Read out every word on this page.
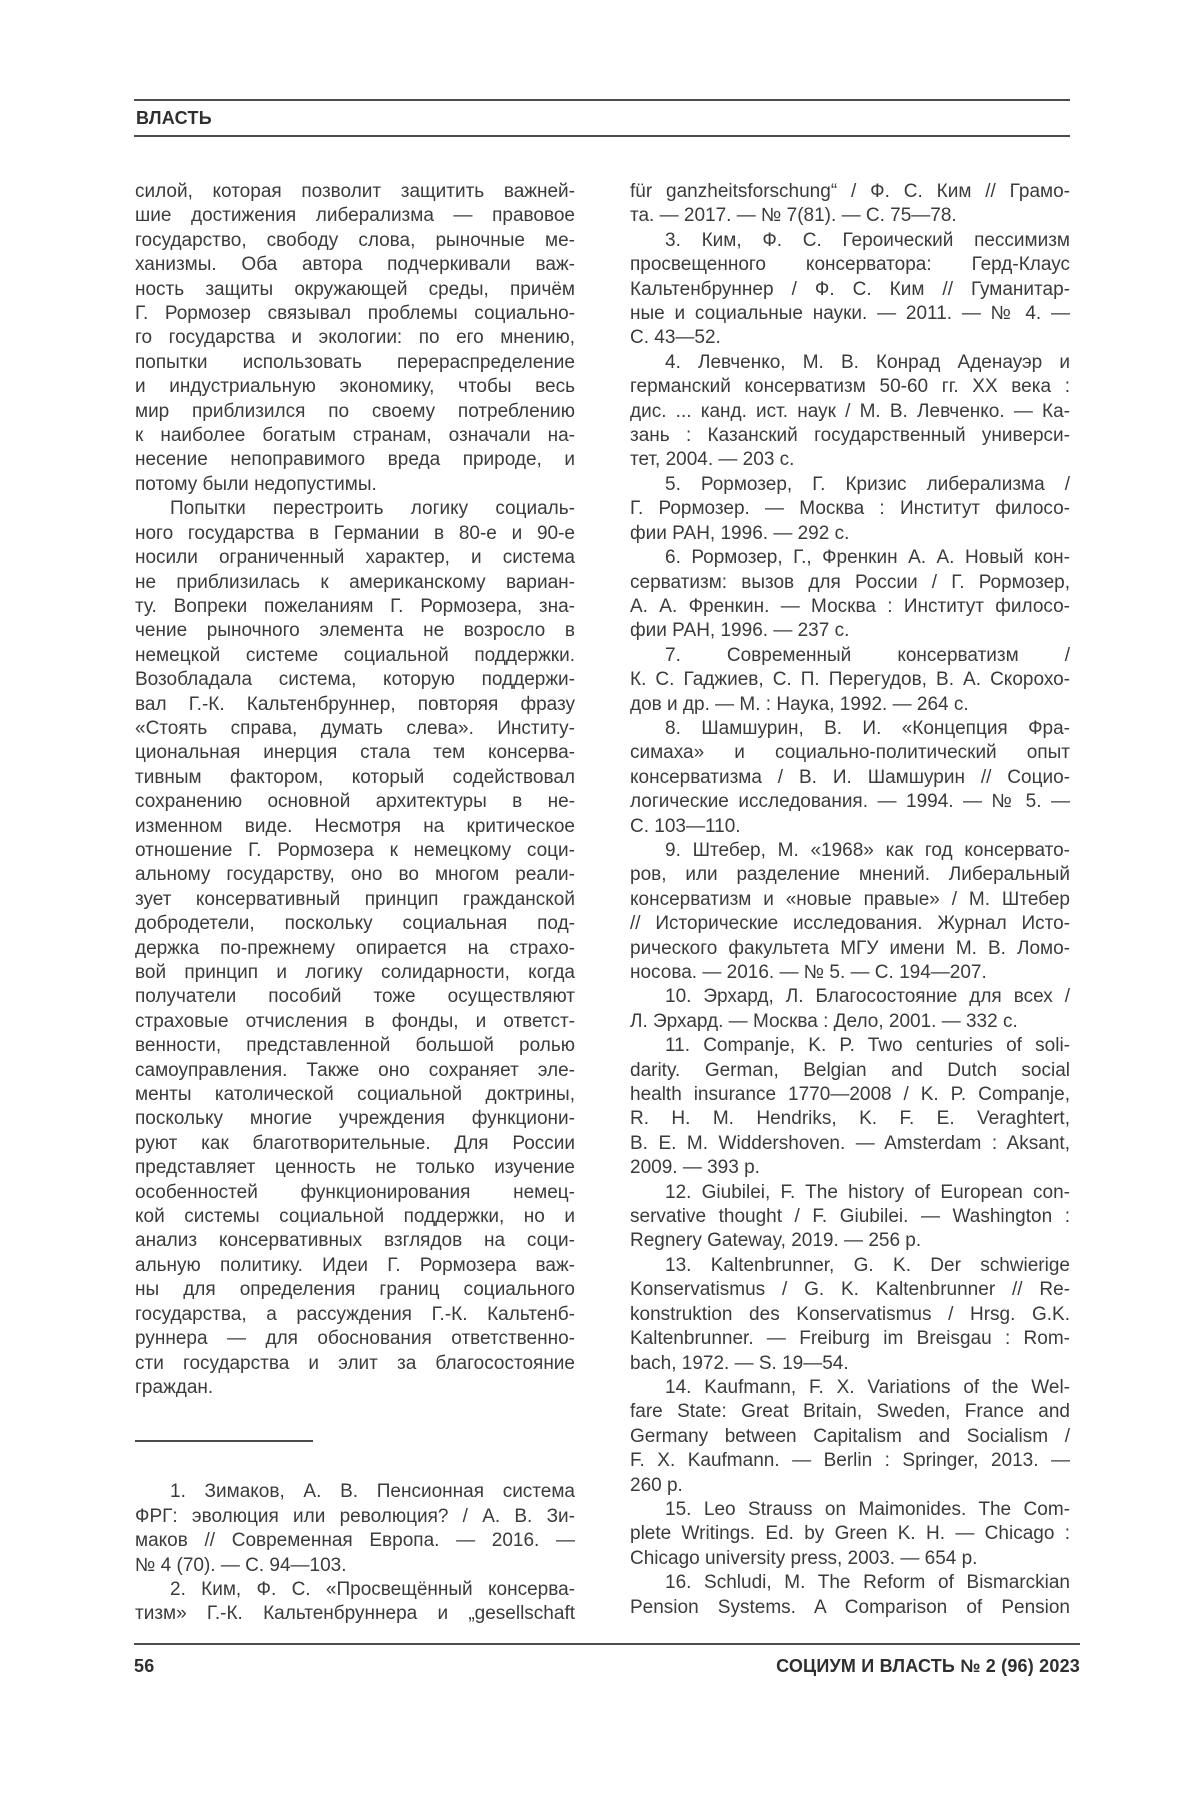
ВЛАСТЬ
силой, которая позволит защитить важней-
шие достижения либерализма — правовое
государство, свободу слова, рыночные ме-
ханизмы. Оба автора подчеркивали важ-
ность защиты окружающей среды, причём
Г. Рормозер связывал проблемы социально-
го государства и экологии: по его мнению,
попытки использовать перераспределение
и индустриальную экономику, чтобы весь
мир приблизился по своему потреблению
к наиболее богатым странам, означали на-
несение непоправимого вреда природе, и
потому были недопустимы.
Попытки перестроить логику социаль-
ного государства в Германии в 80-е и 90-е
носили ограниченный характер, и система
не приблизилась к американскому вариан-
ту. Вопреки пожеланиям Г. Рормозера, зна-
чение рыночного элемента не возросло в
немецкой системе социальной поддержки.
Возобладала система, которую поддержи-
вал Г.-К. Кальтенбруннер, повторяя фразу
«Стоять справа, думать слева». Институ-
циональная инерция стала тем консерва-
тивным фактором, который содействовал
сохранению основной архитектуры в не-
изменном виде. Несмотря на критическое
отношение Г. Рормозера к немецкому соци-
альному государству, оно во многом реали-
зует консервативный принцип гражданской
добродетели, поскольку социальная под-
держка по-прежнему опирается на страхо-
вой принцип и логику солидарности, когда
получатели пособий тоже осуществляют
страховые отчисления в фонды, и ответст-
венности, представленной большой ролью
самоуправления. Также оно сохраняет эле-
менты католической социальной доктрины,
поскольку многие учреждения функциони-
руют как благотворительные. Для России
представляет ценность не только изучение
особенностей функционирования немец-
кой системы социальной поддержки, но и
анализ консервативных взглядов на соци-
альную политику. Идеи Г. Рормозера важ-
ны для определения границ социального
государства, а рассуждения Г.-К. Кальтенб-
руннера — для обоснования ответственно-
сти государства и элит за благосостояние
граждан.
1. Зимаков, А. В. Пенсионная система
ФРГ: эволюция или революция? / А. В. Зи-
маков // Современная Европа. — 2016. —
№ 4 (70). — С. 94—103.
2. Ким, Ф. С. «Просвещённый консерва-
тизм» Г.-К. Кальтенбруннера и „gesellschaft
für ganzheitsforschung“ / Ф. С. Ким // Грамо-
та. — 2017. — № 7(81). — С. 75—78.
3. Ким, Ф. С. Героический пессимизм
просвещенного консерватора: Герд-Клаус
Кальтенбруннер / Ф. С. Ким // Гуманитар-
ные и социальные науки. — 2011. — № 4. —
С. 43—52.
4. Левченко, М. В. Конрад Аденауэр и
германский консерватизм 50-60 гг. XX века :
дис. ... канд. ист. наук / М. В. Левченко. — Ка-
зань : Казанский государственный универси-
тет, 2004. — 203 с.
5. Рормозер, Г. Кризис либерализма /
Г. Рормозер. — Москва : Институт филосо-
фии РАН, 1996. — 292 с.
6. Рормозер, Г., Френкин А. А. Новый кон-
серватизм: вызов для России / Г. Рормозер,
А. А. Френкин. — Москва : Институт филосо-
фии РАН, 1996. — 237 с.
7. Современный консерватизм /
К. С. Гаджиев, С. П. Перегудов, В. А. Скорохо-
дов и др. — М. : Наука, 1992. — 264 с.
8. Шамшурин, В. И. «Концепция Фра-
симаха» и социально-политический опыт
консерватизма / В. И. Шамшурин // Социо-
логические исследования. — 1994. — № 5. —
С. 103—110.
9. Штебер, М. «1968» как год консервато-
ров, или разделение мнений. Либеральный
консерватизм и «новые правые» / М. Штебер
// Исторические исследования. Журнал Исто-
рического факультета МГУ имени М. В. Ломо-
носова. — 2016. — № 5. — С. 194—207.
10. Эрхард, Л. Благосостояние для всех /
Л. Эрхард. — Москва : Дело, 2001. — 332 с.
11. Companje, K. P. Two centuries of soli-
darity. German, Belgian and Dutch social
health insurance 1770—2008 / K. P. Companje,
R. H. M. Hendriks, K. F. E. Veraghtert,
B. E. M. Widdershoven. — Amsterdam : Aksant,
2009. — 393 p.
12. Giubilei, F. The history of European con-
servative thought / F. Giubilei. — Washington :
Regnery Gateway, 2019. — 256 p.
13. Kaltenbrunner, G. K. Der schwierige
Konservatismus / G. K. Kaltenbrunner // Re-
konstruktion des Konservatismus / Hrsg. G.K.
Kaltenbrunner. — Freiburg im Breisgau : Rom-
bach, 1972. — S. 19—54.
14. Kaufmann, F. X. Variations of the Wel-
fare State: Great Britain, Sweden, France and
Germany between Capitalism and Socialism /
F. X. Kaufmann. — Berlin : Springer, 2013. —
260 p.
15. Leo Strauss on Maimonides. The Com-
plete Writings. Ed. by Green K. H. — Chicago :
Chicago university press, 2003. — 654 p.
16. Schludi, M. The Reform of Bismarckian
Pension Systems. A Comparison of Pension
56	СОЦИУМ И ВЛАСТЬ № 2 (96) 2023
